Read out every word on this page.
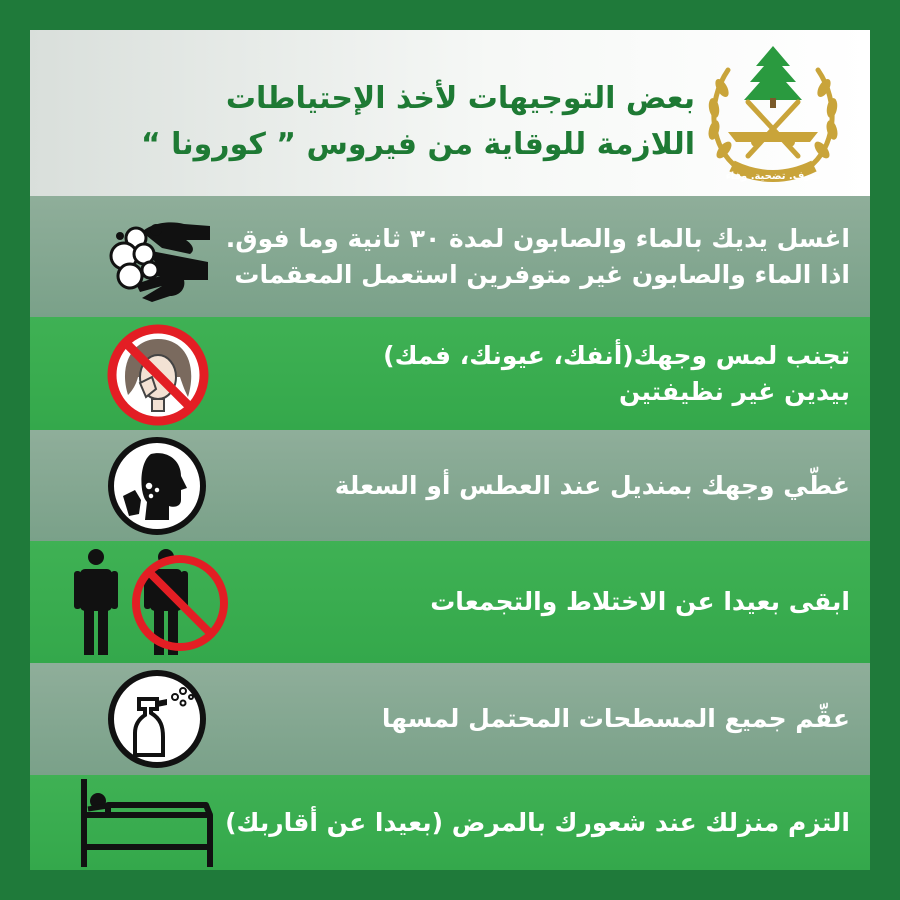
بعض التوجيهات لأخذ الإحتياطات
اللازمة للوقاية من فيروس ” كورونا “
شرف. تضحية. وفاء
اغسل يديك بالماء والصابون لمدة ٣٠ ثانية وما فوق.
اذا الماء والصابون غير متوفرين استعمل المعقمات
تجنب لمس وجهك(أنفك، عيونك، فمك)
بيدين غير نظيفتين
غطّي وجهك بمنديل عند العطس أو السعلة
ابقى بعيدا عن الاختلاط والتجمعات
عقّم جميع المسطحات المحتمل لمسها
التزم منزلك عند شعورك بالمرض (بعيدا عن أقاربك)
